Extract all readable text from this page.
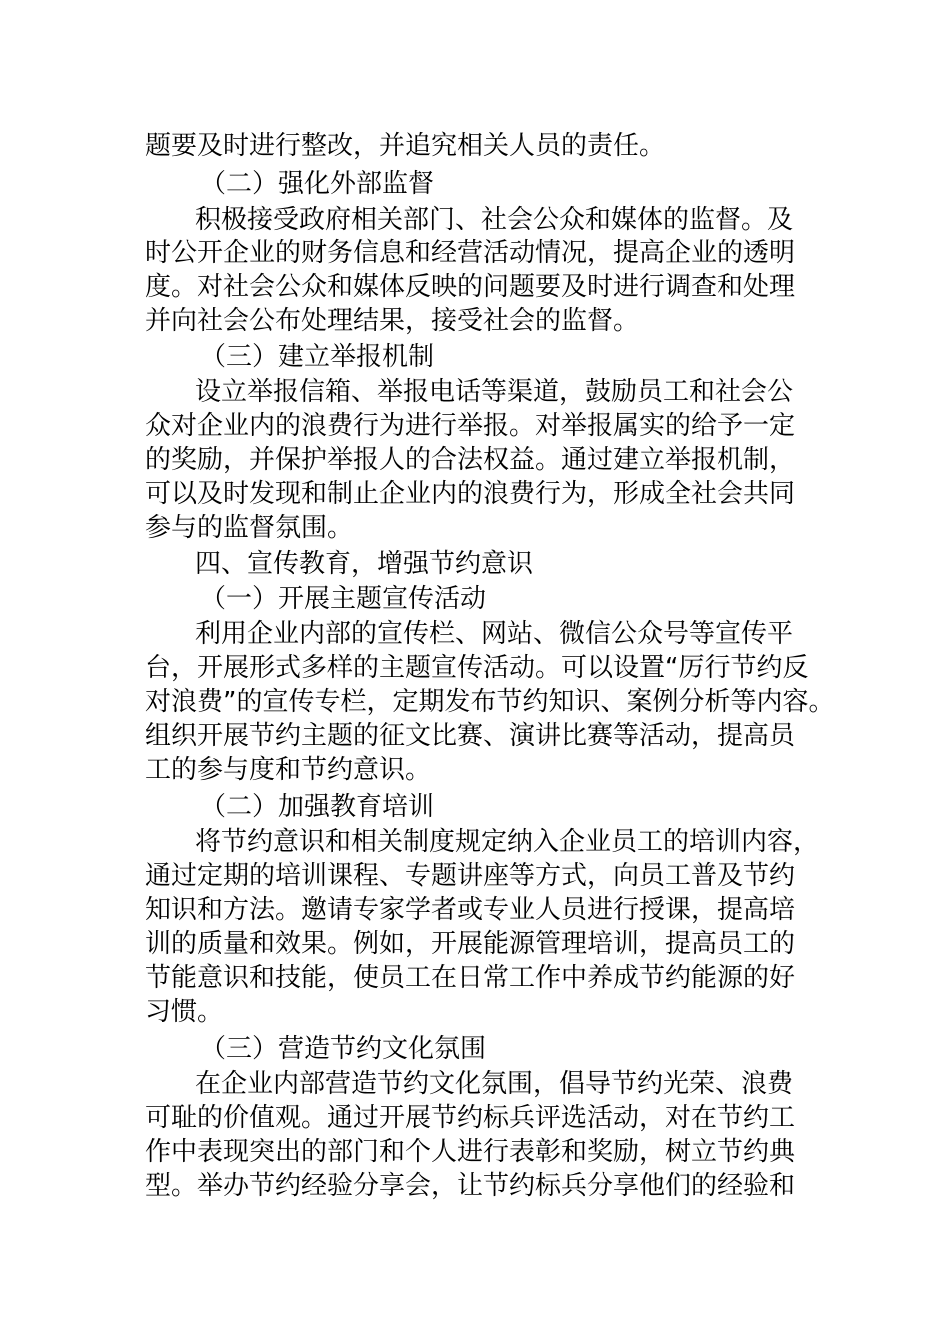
题要及时进行整改，并追究相关人员的责任。
（二）强化外部监督
积极接受政府相关部门、社会公众和媒体的监督。及
时公开企业的财务信息和经营活动情况，提高企业的透明
度。对社会公众和媒体反映的问题要及时进行调查和处理
并向社会公布处理结果，接受社会的监督。
（三）建立举报机制
设立举报信箱、举报电话等渠道，鼓励员工和社会公
众对企业内的浪费行为进行举报。对举报属实的给予一定
的奖励，并保护举报人的合法权益。通过建立举报机制，
可以及时发现和制止企业内的浪费行为，形成全社会共同
参与的监督氛围。
四、宣传教育，增强节约意识
（一）开展主题宣传活动
利用企业内部的宣传栏、网站、微信公众号等宣传平
台，开展形式多样的主题宣传活动。可以设置“厉行节约反
对浪费”的宣传专栏，定期发布节约知识、案例分析等内容。
组织开展节约主题的征文比赛、演讲比赛等活动，提高员
工的参与度和节约意识。
（二）加强教育培训
将节约意识和相关制度规定纳入企业员工的培训内容，
通过定期的培训课程、专题讲座等方式，向员工普及节约
知识和方法。邀请专家学者或专业人员进行授课，提高培
训的质量和效果。例如，开展能源管理培训，提高员工的
节能意识和技能，使员工在日常工作中养成节约能源的好
习惯。
（三）营造节约文化氛围
在企业内部营造节约文化氛围，倡导节约光荣、浪费
可耻的价值观。通过开展节约标兵评选活动，对在节约工
作中表现突出的部门和个人进行表彰和奖励，树立节约典
型。举办节约经验分享会，让节约标兵分享他们的经验和
